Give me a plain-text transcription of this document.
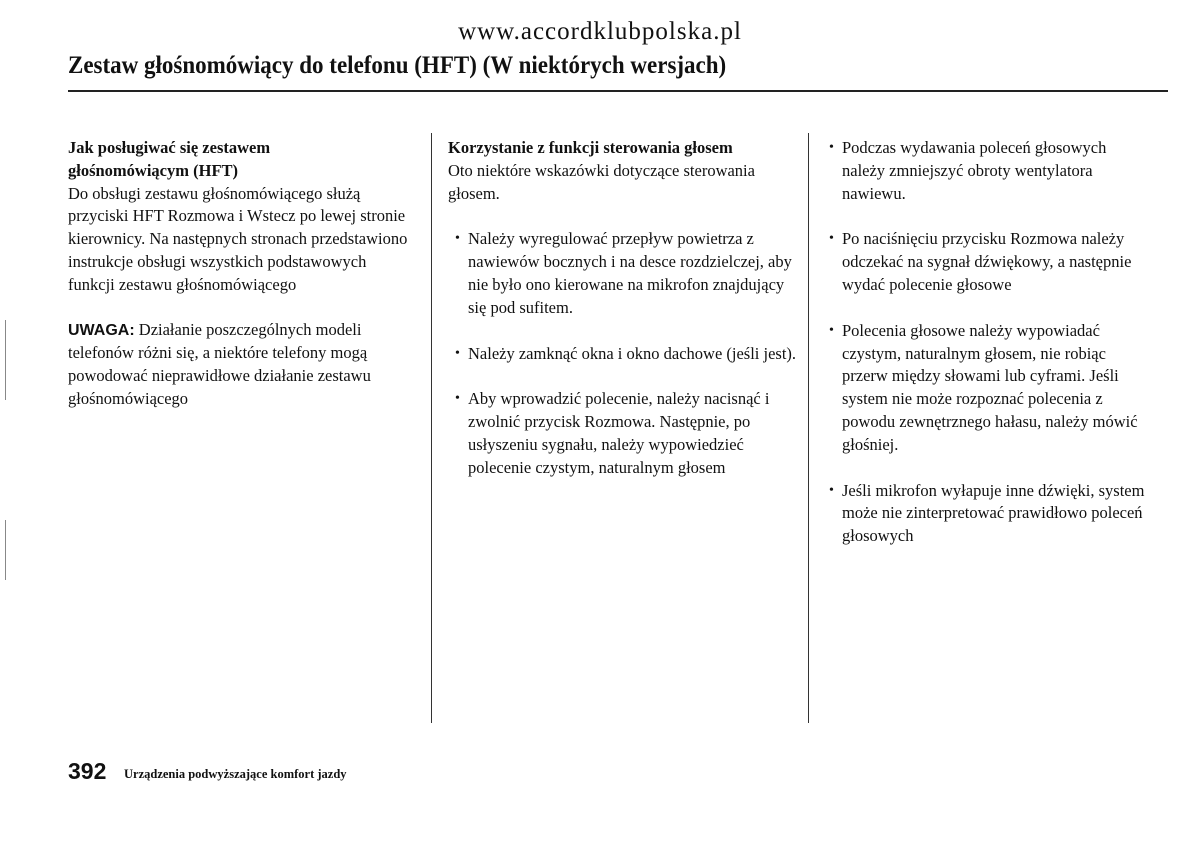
www.accordklubpolska.pl
Zestaw głośnomówiący do telefonu (HFT) (W niektórych wersjach)
Jak posługiwać się zestawem
głośnomówiącym (HFT)

Do obsługi zestawu głośnomówiącego służą przyciski HFT Rozmowa i Wstecz po lewej stronie kierownicy. Na następnych stronach przedstawiono instrukcje obsługi wszystkich podstawowych funkcji zestawu głośnomówiącego

UWAGA: Działanie poszczególnych modeli telefonów różni się, a niektóre telefony mogą powodować nieprawidłowe działanie zestawu głośnomówiącego

Korzystanie z funkcji sterowania głosem

Oto niektóre wskazówki dotyczące sterowania głosem.

• Należy wyregulować przepływ powietrza z nawiewów bocznych i na desce rozdzielczej, aby nie było ono kierowane na mikrofon znajdujący się pod sufitem.
• Należy zamknąć okna i okno dachowe (jeśli jest).
• Aby wprowadzić polecenie, należy nacisnąć i zwolnić przycisk Rozmowa. Następnie, po usłyszeniu sygnału, należy wypowiedzieć polecenie czystym, naturalnym głosem
• Podczas wydawania poleceń głosowych należy zmniejszyć obroty wentylatora nawiewu.
• Po naciśnięciu przycisku Rozmowa należy odczekać na sygnał dźwiękowy, a następnie wydać polecenie głosowe
• Polecenia głosowe należy wypowiadać czystym, naturalnym głosem, nie robiąc przerw między słowami lub cyframi. Jeśli system nie może rozpoznać polecenia z powodu zewnętrznego hałasu, należy mówić głośniej.
• Jeśli mikrofon wyłapuje inne dźwięki, system może nie zinterpretować prawidłowo poleceń głosowych
392 Urządzenia podwyższające komfort jazdy
